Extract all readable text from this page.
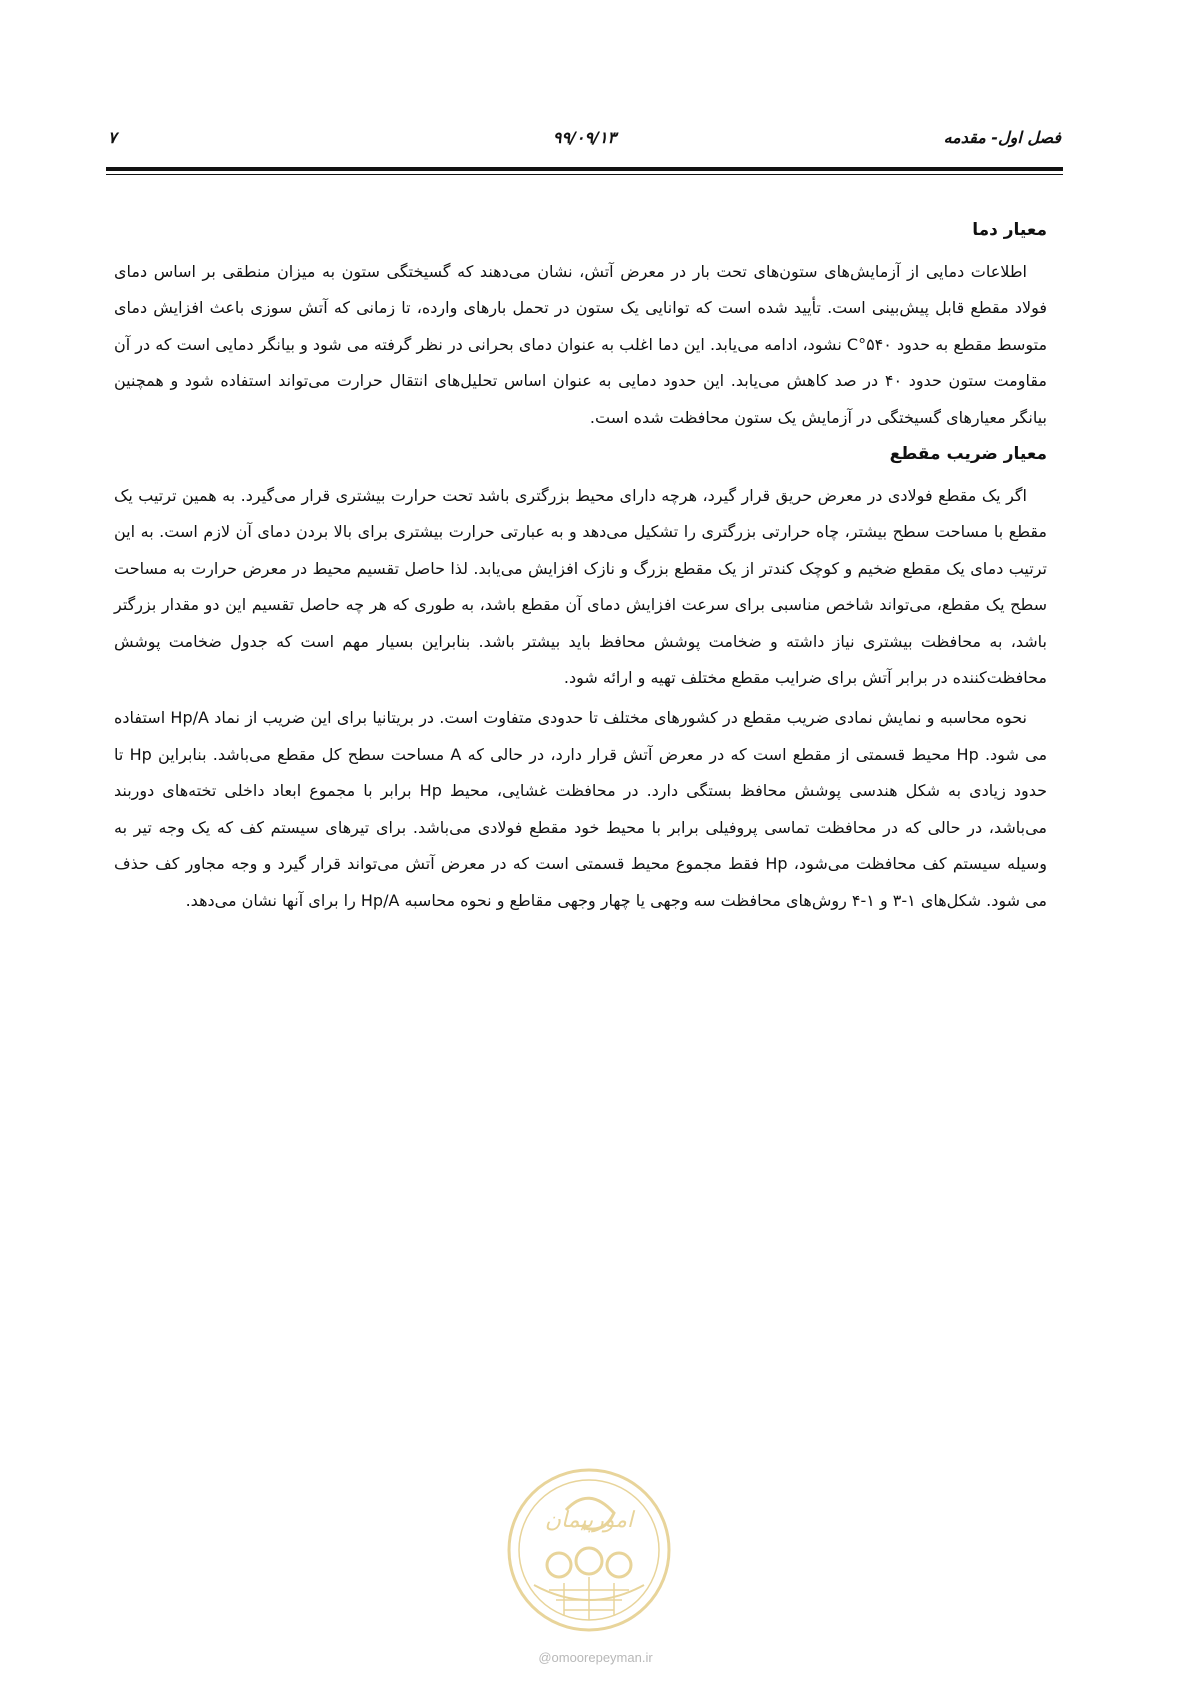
فصل اول- مقدمه
۹۹/۰۹/۱۳
۷
معیار دما

اطلاعات دمایی از آزمایش‌های ستون‌های تحت بار در معرض آتش، نشان می‌دهند که گسیختگی ستون به میزان منطقی بر اساس دمای فولاد مقطع قابل پیش‌بینی است. تأیید شده است که توانایی یک ستون در تحمل بارهای وارده، تا زمانی که آتش سوزی باعث افزایش دمای متوسط مقطع به حدود ۵۴۰°C نشود، ادامه می‌یابد. این دما اغلب به عنوان دمای بحرانی در نظر گرفته می شود و بیانگر دمایی است که در آن مقاومت ستون حدود ۴۰ در صد کاهش می‌یابد. این حدود دمایی به عنوان اساس تحلیل‌های انتقال حرارت می‌تواند استفاده شود و همچنین بیانگر معیارهای گسیختگی در آزمایش یک ستون محافظت شده است.

معیار ضریب مقطع

اگر یک مقطع فولادی در معرض حریق قرار گیرد، هرچه دارای محیط بزرگتری باشد تحت حرارت بیشتری قرار می‌گیرد. به همین ترتیب یک مقطع با مساحت سطح بیشتر، چاه حرارتی بزرگتری را تشکیل می‌دهد و به عبارتی حرارت بیشتری برای بالا بردن دمای آن لازم است. به این ترتیب دمای یک مقطع ضخیم و کوچک کندتر از یک مقطع بزرگ و نازک افزایش می‌یابد. لذا حاصل تقسیم محیط در معرض حرارت به مساحت سطح یک مقطع، می‌تواند شاخص مناسبی برای سرعت افزایش دمای آن مقطع باشد، به طوری که هر چه حاصل تقسیم این دو مقدار بزرگتر باشد، به محافظت بیشتری نیاز داشته و ضخامت پوشش محافظ باید بیشتر باشد. بنابراین بسیار مهم است که جدول ضخامت پوشش محافظت‌کننده در برابر آتش برای ضرایب مقطع مختلف تهیه و ارائه شود.

نحوه محاسبه و نمایش نمادی ضریب مقطع در کشورهای مختلف تا حدودی متفاوت است. در بریتانیا برای این ضریب از نماد Hp/A استفاده می شود. Hp محیط قسمتی از مقطع است که در معرض آتش قرار دارد، در حالی که A مساحت سطح کل مقطع می‌باشد. بنابراین Hp تا حدود زیادی به شکل هندسی پوشش محافظ بستگی دارد. در محافظت غشایی، محیط Hp برابر با مجموع ابعاد داخلی تخته‌های دوربند می‌باشد، در حالی که در محافظت تماسی پروفیلی برابر با محیط خود مقطع فولادی می‌باشد. برای تیرهای سیستم کف که یک وجه تیر به وسیله سیستم کف محافظت می‌شود، Hp فقط مجموع محیط قسمتی است که در معرض آتش می‌تواند قرار گیرد و وجه مجاور کف حذف می شود. شکل‌های ۱-۳ و ۱-۴ روش‌های محافظت سه وجهی یا چهار وجهی مقاطع و نحوه محاسبه Hp/A را برای آنها نشان می‌دهد.

امورپیمان
@omoorepeyman.ir
